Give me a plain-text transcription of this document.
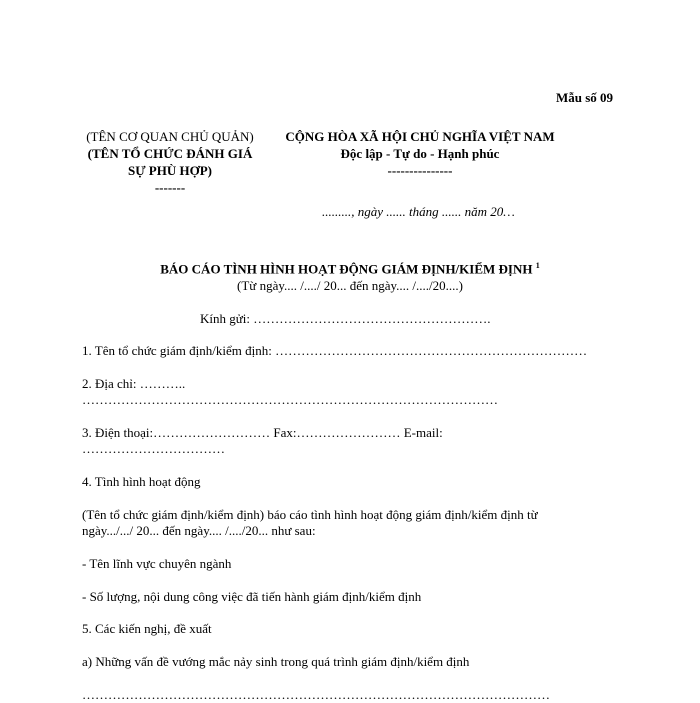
Mẫu số 09
(TÊN CƠ QUAN CHỦ QUẢN)
(TÊN TỔ CHỨC ĐÁNH GIÁ
SỰ PHÙ HỢP)
-------
CỘNG HÒA XÃ HỘI CHỦ NGHĨA VIỆT NAM
Độc lập - Tự do - Hạnh phúc
---------------
........., ngày ...... tháng ...... năm 20…
BÁO CÁO TÌNH HÌNH HOẠT ĐỘNG GIÁM ĐỊNH/KIỂM ĐỊNH $^1$
(Từ ngày.... /..../ 20... đến ngày.... /..../20....)
Kính gửi: ……………………………………………….
1. Tên tổ chức giám định/kiểm định: ………………………………………………………………
2. Địa chỉ: ………..
……………………………………………………………………………………
3. Điện thoại:……………………… Fax:…………………… E-mail:
……………………………
4. Tình hình hoạt động
(Tên tổ chức giám định/kiểm định) báo cáo tình hình hoạt động giám định/kiểm định từ
ngày.../.../ 20... đến ngày.... /..../20... như sau:
- Tên lĩnh vực chuyên ngành
- Số lượng, nội dung công việc đã tiến hành giám định/kiểm định
5. Các kiến nghị, đề xuất
a) Những vấn đề vướng mắc nảy sinh trong quá trình giám định/kiểm định
………………………………………………………………………………………………
